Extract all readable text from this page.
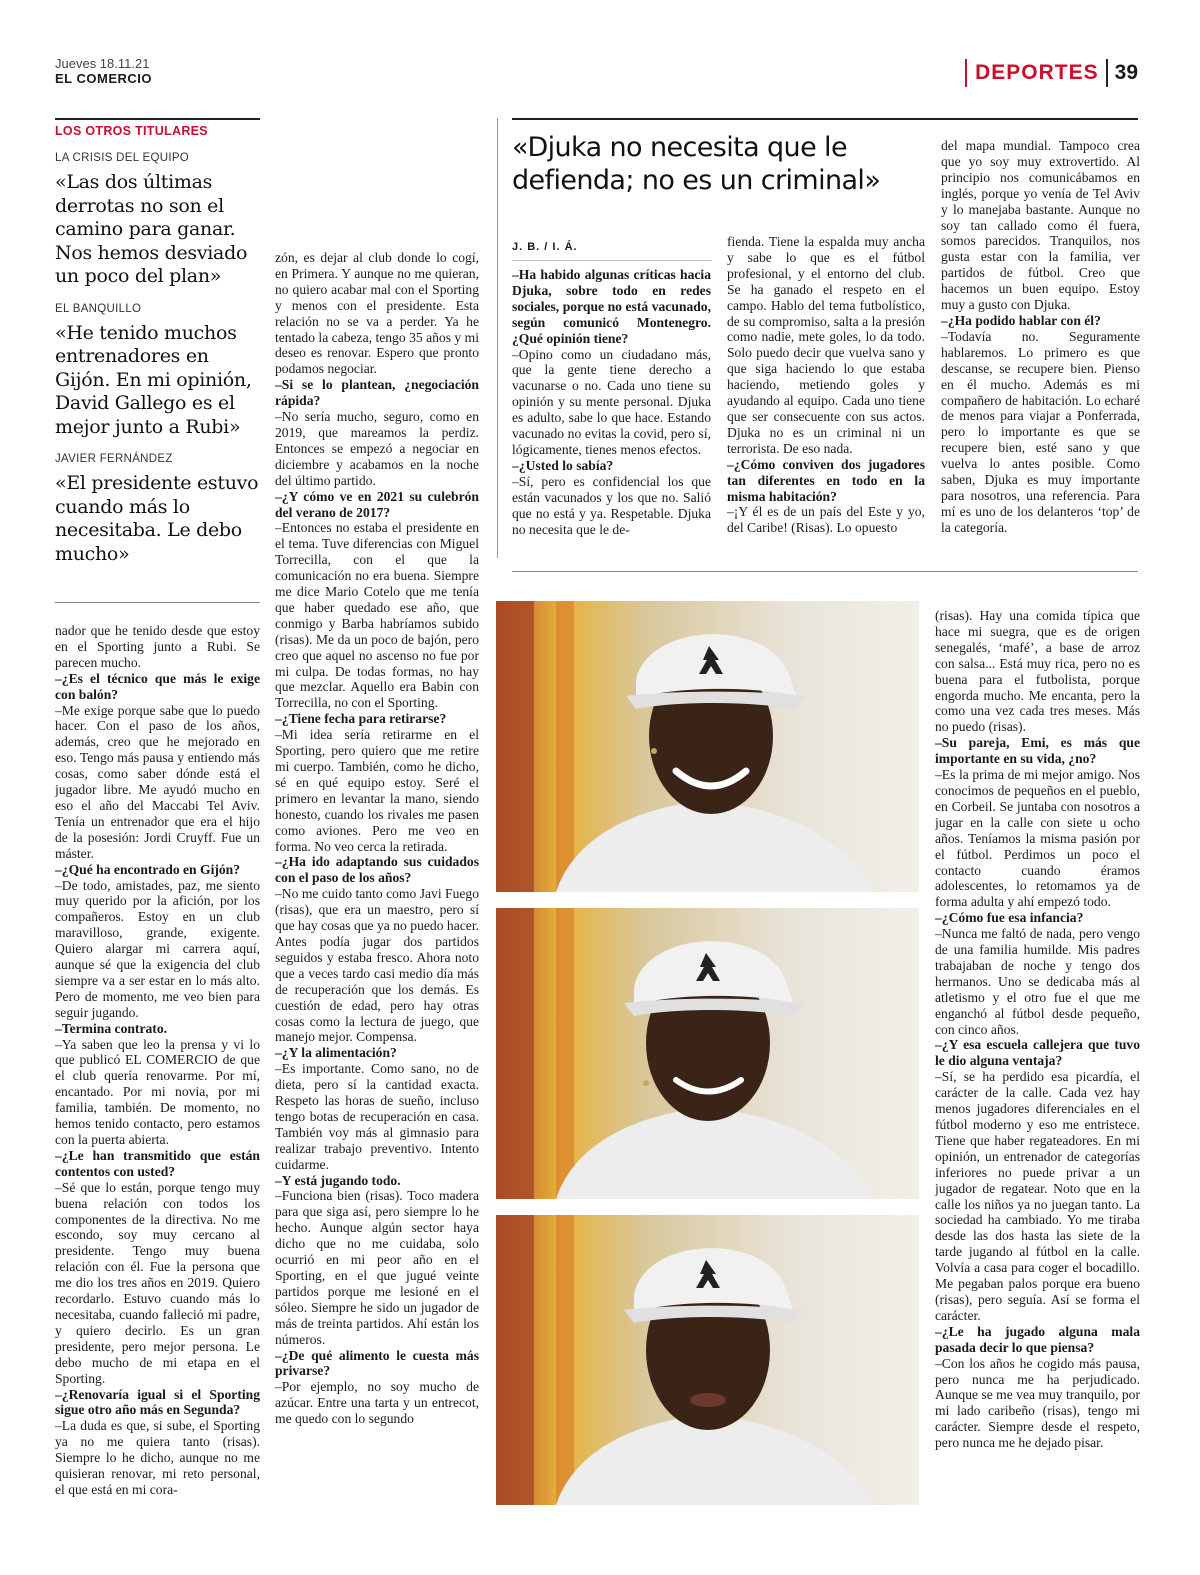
Jueves 18.11.21
EL COMERCIO	DEPORTES 39
LOS OTROS TITULARES
LA CRISIS DEL EQUIPO
«Las dos últimas derrotas no son el camino para ganar. Nos hemos desviado un poco del plan»
EL BANQUILLO
«He tenido muchos entrenadores en Gijón. En mi opinión, David Gallego es el mejor junto a Rubi»
JAVIER FERNÁNDEZ
«El presidente estuvo cuando más lo necesitaba. Le debo mucho»

nador que he tenido desde que estoy en el Sporting junto a Rubi. Se parecen mucho.

–¿Es el técnico que más le exige con balón?

–Me exige porque sabe que lo puedo hacer. Con el paso de los años, además, creo que he mejorado en eso. Tengo más pausa y entiendo más cosas, como saber dónde está el jugador libre. Me ayudó mucho en eso el año del Maccabi Tel Aviv. Tenía un entrenador que era el hijo de la posesión: Jordi Cruyff. Fue un máster.

–¿Qué ha encontrado en Gijón?

–De todo, amistades, paz, me siento muy querido por la afición, por los compañeros. Estoy en un club maravilloso, grande, exigente. Quiero alargar mi carrera aquí, aunque sé que la exigencia del club siempre va a ser estar en lo más alto. Pero de momento, me veo bien para seguir jugando.

–Termina contrato.

–Ya saben que leo la prensa y vi lo que publicó EL COMERCIO de que el club quería renovarme. Por mí, encantado. Por mi novia, por mi familia, también. De momento, no hemos tenido contacto, pero estamos con la puerta abierta.

–¿Le han transmitido que están contentos con usted?

–Sé que lo están, porque tengo muy buena relación con todos los componentes de la directiva. No me escondo, soy muy cercano al presidente. Tengo muy buena relación con él. Fue la persona que me dio los tres años en 2019. Quiero recordarlo. Estuvo cuando más lo necesitaba, cuando falleció mi padre, y quiero decirlo. Es un gran presidente, pero mejor persona. Le debo mucho de mi etapa en el Sporting.

–¿Renovaría igual si el Sporting sigue otro año más en Segunda?

–La duda es que, si sube, el Sporting ya no me quiera tanto (risas). Siempre lo he dicho, aunque no me quisieran renovar, mi reto personal, el que está en mi cora-

zón, es dejar al club donde lo cogí, en Primera. Y aunque no me quieran, no quiero acabar mal con el Sporting y menos con el presidente. Esta relación no se va a perder. Ya he tentado la cabeza, tengo 35 años y mi deseo es renovar. Espero que pronto podamos negociar.

–Si se lo plantean, ¿negociación rápida?

–No sería mucho, seguro, como en 2019, que mareamos la perdiz. Entonces se empezó a negociar en diciembre y acabamos en la noche del último partido.

–¿Y cómo ve en 2021 su culebrón del verano de 2017?

–Entonces no estaba el presidente en el tema. Tuve diferencias con Miguel Torrecilla, con el que la comunicación no era buena. Siempre me dice Mario Cotelo que me tenía que haber quedado ese año, que conmigo y Barba habríamos subido (risas). Me da un poco de bajón, pero creo que aquel no ascenso no fue por mi culpa. De todas formas, no hay que mezclar. Aquello era Babin con Torrecilla, no con el Sporting.

–¿Tiene fecha para retirarse?

–Mi idea sería retirarme en el Sporting, pero quiero que me retire mi cuerpo. También, como he dicho, sé en qué equipo estoy. Seré el primero en levantar la mano, siendo honesto, cuando los rivales me pasen como aviones. Pero me veo en forma. No veo cerca la retirada.

–¿Ha ido adaptando sus cuidados con el paso de los años?

–No me cuido tanto como Javi Fuego (risas), que era un maestro, pero sí que hay cosas que ya no puedo hacer. Antes podía jugar dos partidos seguidos y estaba fresco. Ahora noto que a veces tardo casi medio día más de recuperación que los demás. Es cuestión de edad, pero hay otras cosas como la lectura de juego, que manejo mejor. Compensa.

–¿Y la alimentación?

–Es importante. Como sano, no de dieta, pero sí la cantidad exacta. Respeto las horas de sueño, incluso tengo botas de recuperación en casa. También voy más al gimnasio para realizar trabajo preventivo. Intento cuidarme.

–Y está jugando todo.

–Funciona bien (risas). Toco madera para que siga así, pero siempre lo he hecho. Aunque algún sector haya dicho que no me cuidaba, solo ocurrió en mi peor año en el Sporting, en el que jugué veinte partidos porque me lesioné en el sóleo. Siempre he sido un jugador de más de treinta partidos. Ahí están los números.

–¿De qué alimento le cuesta más privarse?

–Por ejemplo, no soy mucho de azúcar. Entre una tarta y un entrecot, me quedo con lo segundo

«Djuka no necesita que le defienda; no es un criminal»
J. B. / I. Á.

–Ha habido algunas críticas hacia Djuka, sobre todo en redes sociales, porque no está vacunado, según comunicó Montenegro. ¿Qué opinión tiene?

–Opino como un ciudadano más, que la gente tiene derecho a vacunarse o no. Cada uno tiene su opinión y su mente personal. Djuka es adulto, sabe lo que hace. Estando vacunado no evitas la covid, pero sí, lógicamente, tienes menos efectos.

–¿Usted lo sabía?

–Sí, pero es confidencial los que están vacunados y los que no. Salió que no está y ya. Respetable. Djuka no necesita que le de-

fienda. Tiene la espalda muy ancha y sabe lo que es el fútbol profesional, y el entorno del club. Se ha ganado el respeto en el campo. Hablo del tema futbolístico, de su compromiso, salta a la presión como nadie, mete goles, lo da todo. Solo puedo decir que vuelva sano y que siga haciendo lo que estaba haciendo, metiendo goles y ayudando al equipo. Cada uno tiene que ser consecuente con sus actos. Djuka no es un criminal ni un terrorista. De eso nada.

–¿Cómo conviven dos jugadores tan diferentes en todo en la misma habitación?

–¡Y él es de un país del Este y yo, del Caribe! (Risas). Lo opuesto

del mapa mundial. Tampoco crea que yo soy muy extrovertido. Al principio nos comunicábamos en inglés, porque yo venía de Tel Aviv y lo manejaba bastante. Aunque no soy tan callado como él fuera, somos parecidos. Tranquilos, nos gusta estar con la familia, ver partidos de fútbol. Creo que hacemos un buen equipo. Estoy muy a gusto con Djuka.

–¿Ha podido hablar con él?

–Todavía no. Seguramente hablaremos. Lo primero es que descanse, se recupere bien. Pienso en él mucho. Además es mi compañero de habitación. Lo echaré de menos para viajar a Ponferrada, pero lo importante es que se recupere bien, esté sano y que vuelva lo antes posible. Como saben, Djuka es muy importante para nosotros, una referencia. Para mí es uno de los delanteros ‘top’ de la categoría.

(risas). Hay una comida típica que hace mi suegra, que es de origen senegalés, ‘mafé’, a base de arroz con salsa... Está muy rica, pero no es buena para el futbolista, porque engorda mucho. Me encanta, pero la como una vez cada tres meses. Más no puedo (risas).

–Su pareja, Emi, es más que importante en su vida, ¿no?

–Es la prima de mi mejor amigo. Nos conocimos de pequeños en el pueblo, en Corbeil. Se juntaba con nosotros a jugar en la calle con siete u ocho años. Teníamos la misma pasión por el fútbol. Perdimos un poco el contacto cuando éramos adolescentes, lo retomamos ya de forma adulta y ahí empezó todo.

–¿Cómo fue esa infancia?

–Nunca me faltó de nada, pero vengo de una familia humilde. Mis padres trabajaban de noche y tengo dos hermanos. Uno se dedicaba más al atletismo y el otro fue el que me enganchó al fútbol desde pequeño, con cinco años.

–¿Y esa escuela callejera que tuvo le dio alguna ventaja?

–Sí, se ha perdido esa picardía, el carácter de la calle. Cada vez hay menos jugadores diferenciales en el fútbol moderno y eso me entristece. Tiene que haber regateadores. En mi opinión, un entrenador de categorías inferiores no puede privar a un jugador de regatear. Noto que en la calle los niños ya no juegan tanto. La sociedad ha cambiado. Yo me tiraba desde las dos hasta las siete de la tarde jugando al fútbol en la calle. Volvía a casa para coger el bocadillo. Me pegaban palos porque era bueno (risas), pero seguía. Así se forma el carácter.

–¿Le ha jugado alguna mala pasada decir lo que piensa?

–Con los años he cogido más pausa, pero nunca me ha perjudicado. Aunque se me vea muy tranquilo, por mi lado caribeño (risas), tengo mi carácter. Siempre desde el respeto, pero nunca me he dejado pisar.
